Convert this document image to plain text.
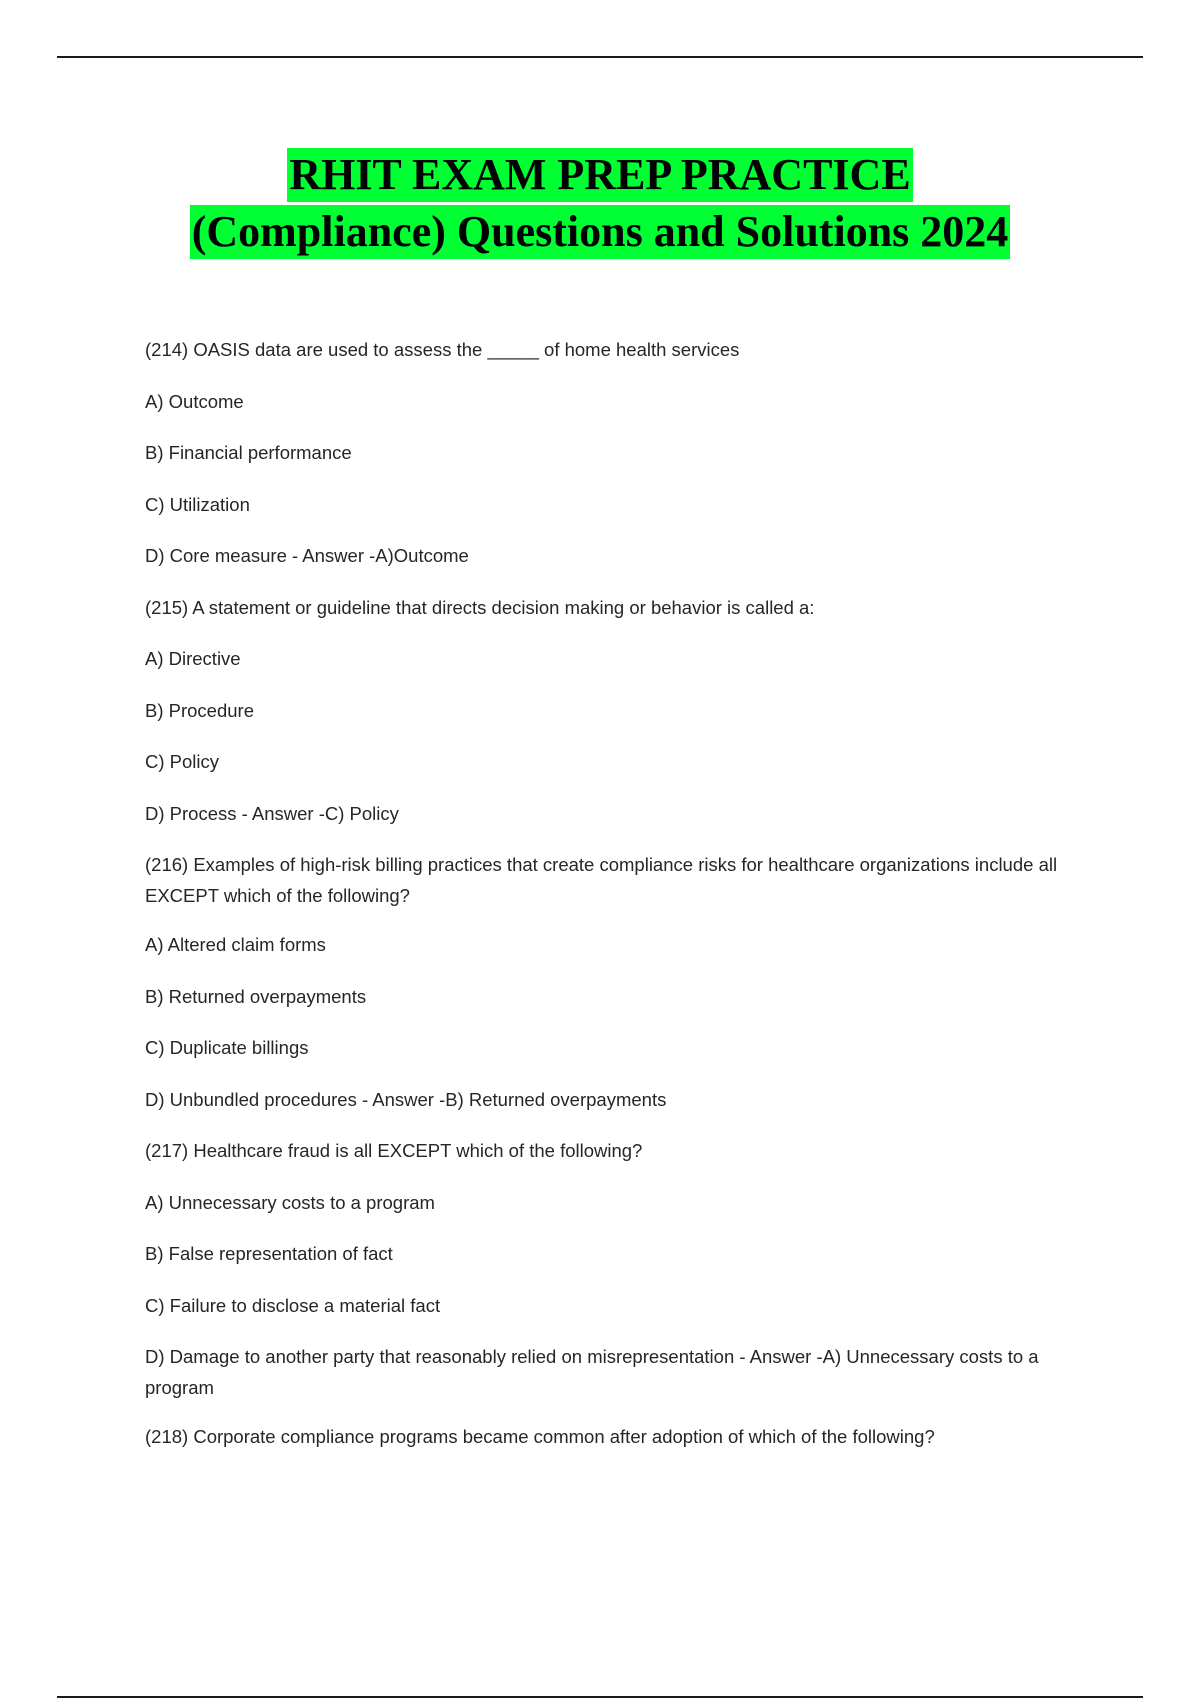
RHIT EXAM PREP PRACTICE
(Compliance) Questions and Solutions 2024

(214) OASIS data are used to assess the _____ of home health services

A) Outcome

B) Financial performance

C) Utilization

D) Core measure - Answer -A)Outcome

(215) A statement or guideline that directs decision making or behavior is called a:

A) Directive

B) Procedure

C) Policy

D) Process - Answer -C) Policy

(216) Examples of high-risk billing practices that create compliance risks for healthcare organizations include all EXCEPT which of the following?

A) Altered claim forms

B) Returned overpayments

C) Duplicate billings

D) Unbundled procedures - Answer -B) Returned overpayments

(217) Healthcare fraud is all EXCEPT which of the following?

A) Unnecessary costs to a program

B) False representation of fact

C) Failure to disclose a material fact

D) Damage to another party that reasonably relied on misrepresentation - Answer -A) Unnecessary costs to a program

(218) Corporate compliance programs became common after adoption of which of the following?
